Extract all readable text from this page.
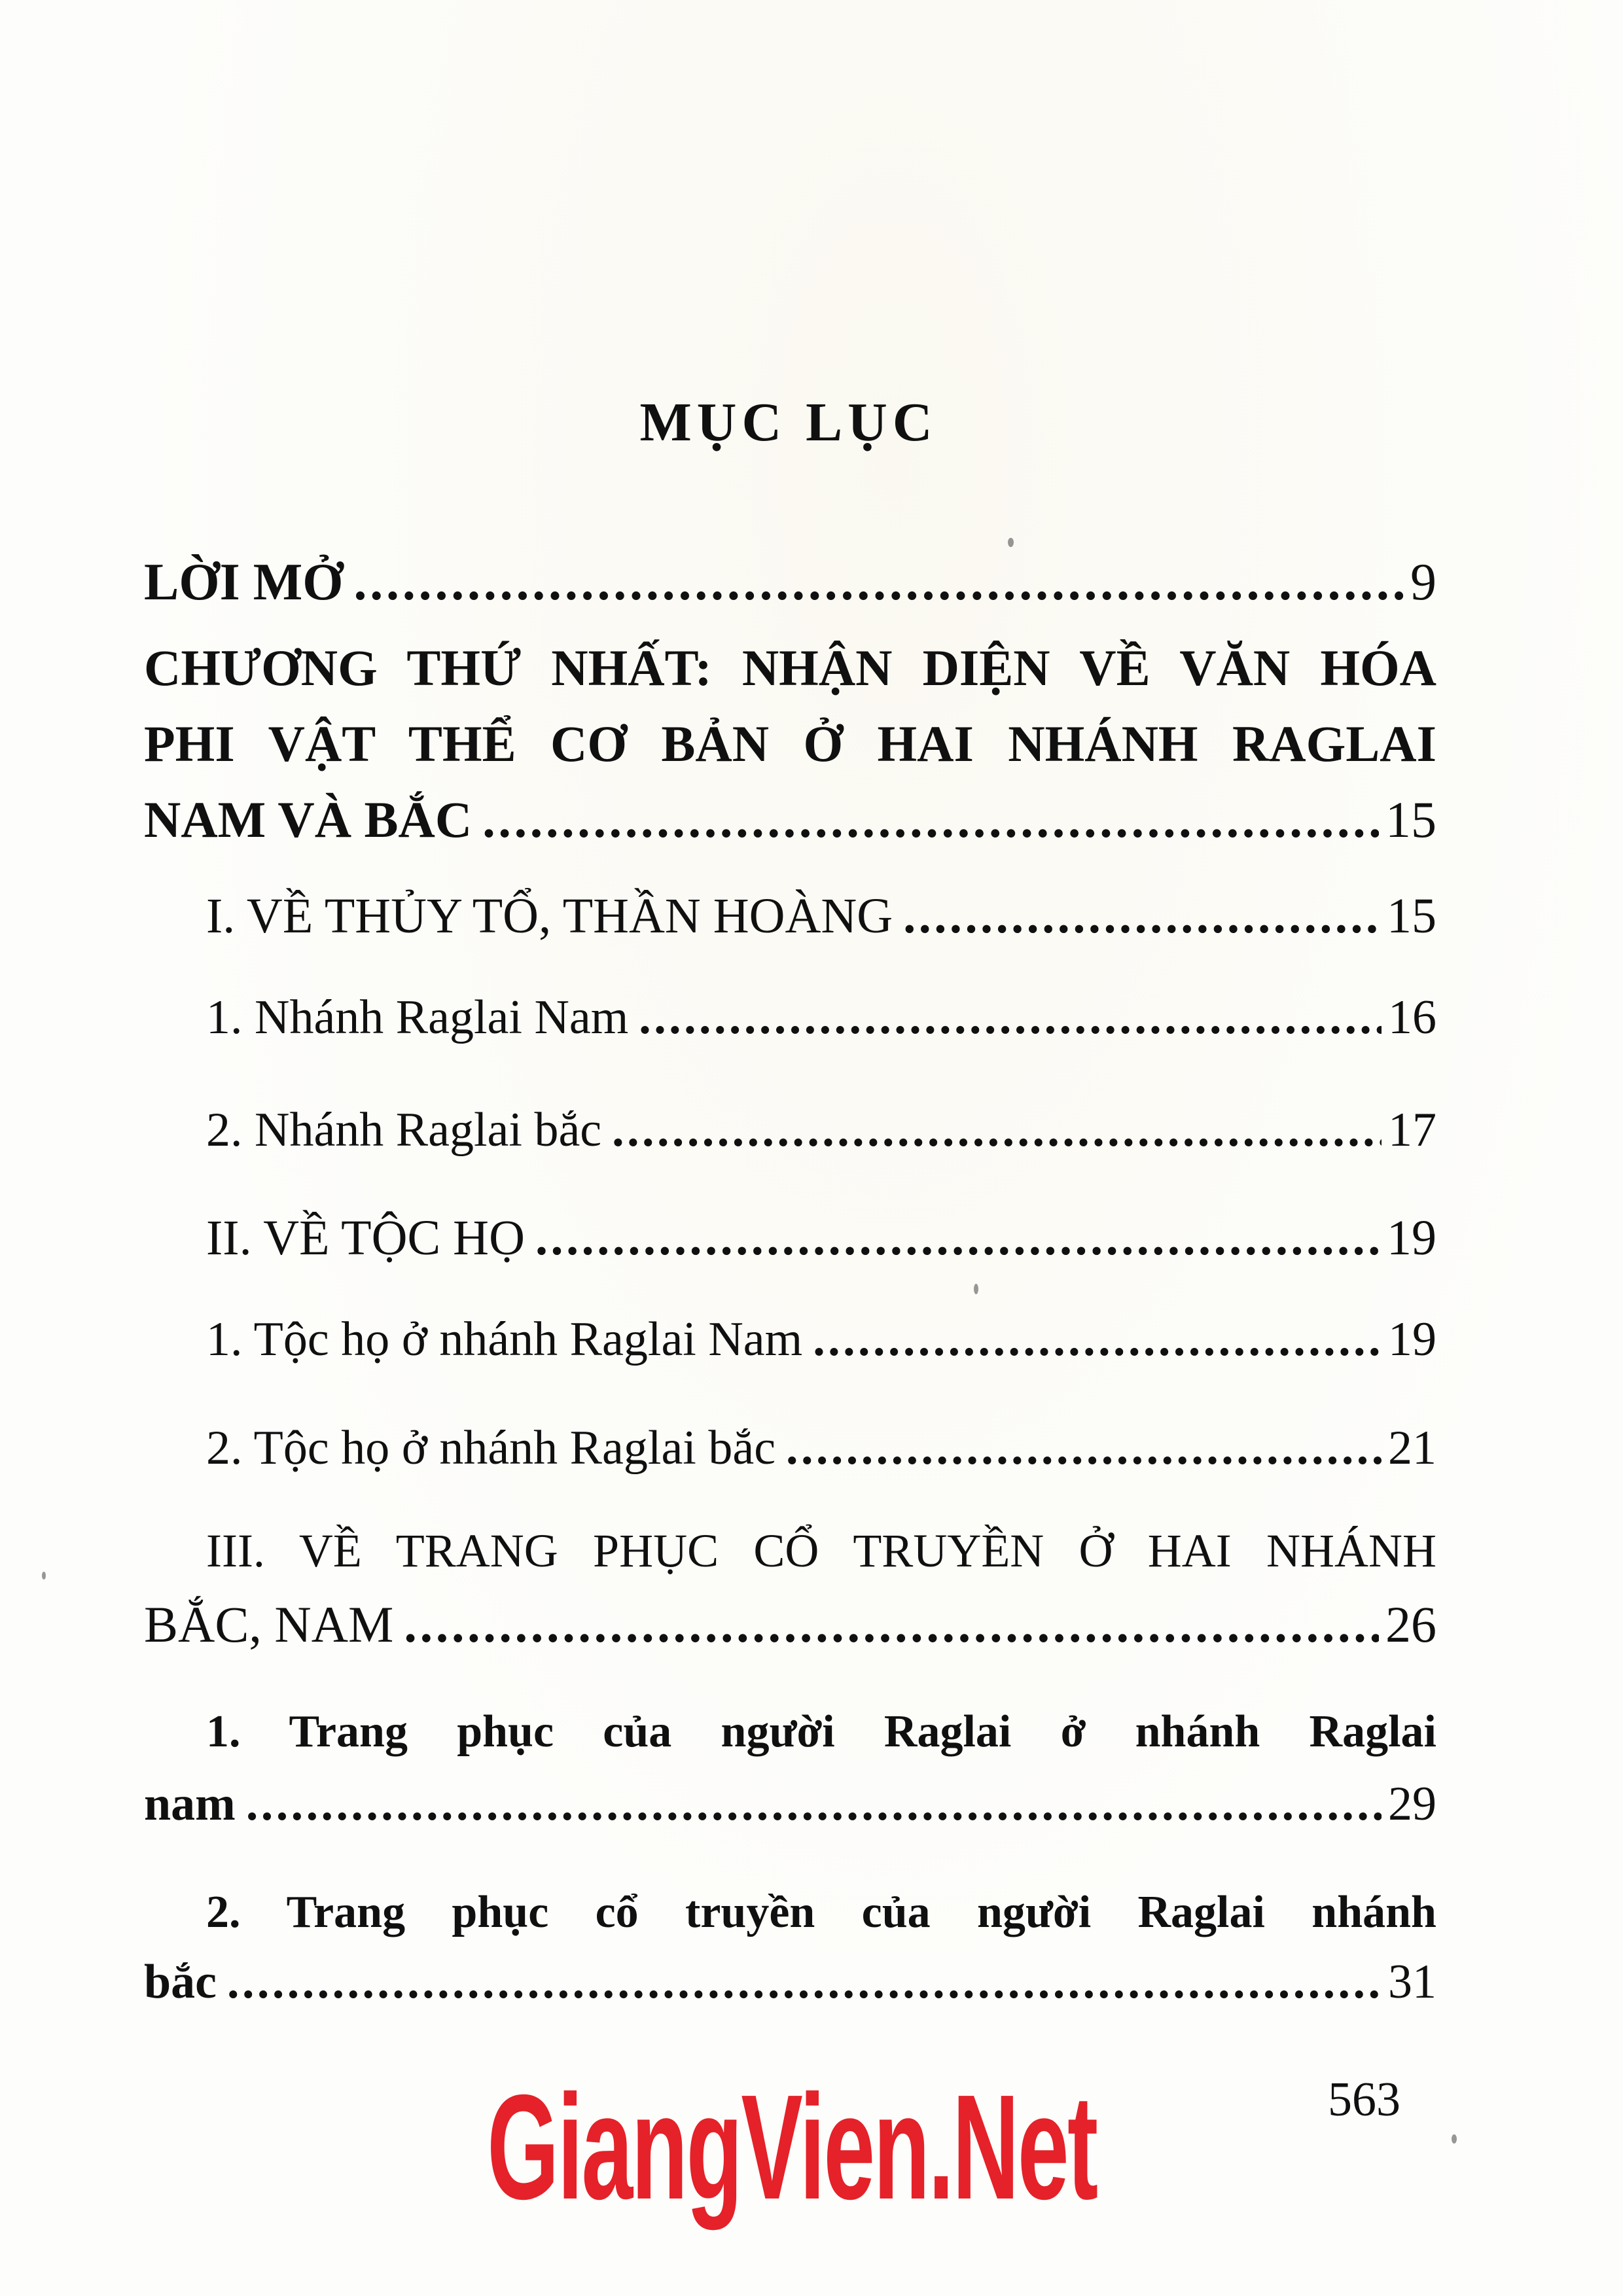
MỤC LỤC
LỜI MỞ .....	9
CHƯƠNG THỨ NHẤT: NHẬN DIỆN VỀ VĂN HÓA
PHI VẬT THỂ CƠ BẢN Ở HAI NHÁNH RAGLAI
NAM VÀ BẮC .....	15
I. VỀ THỦY TỔ, THẦN HOÀNG .....	15
1. Nhánh Raglai Nam .....	16
2. Nhánh Raglai bắc .....	17
II. VỀ TỘC HỌ .....	19
1. Tộc họ ở nhánh Raglai Nam .....	19
2. Tộc họ ở nhánh Raglai bắc .....	21
III. VỀ TRANG PHỤC CỔ TRUYỀN Ở HAI NHÁNH
BẮC, NAM .....	26
1. Trang phục của người Raglai ở nhánh Raglai
nam .....	29
2. Trang phục cổ truyền của người Raglai nhánh
bắc .....	31
563
GiangVien.Net
